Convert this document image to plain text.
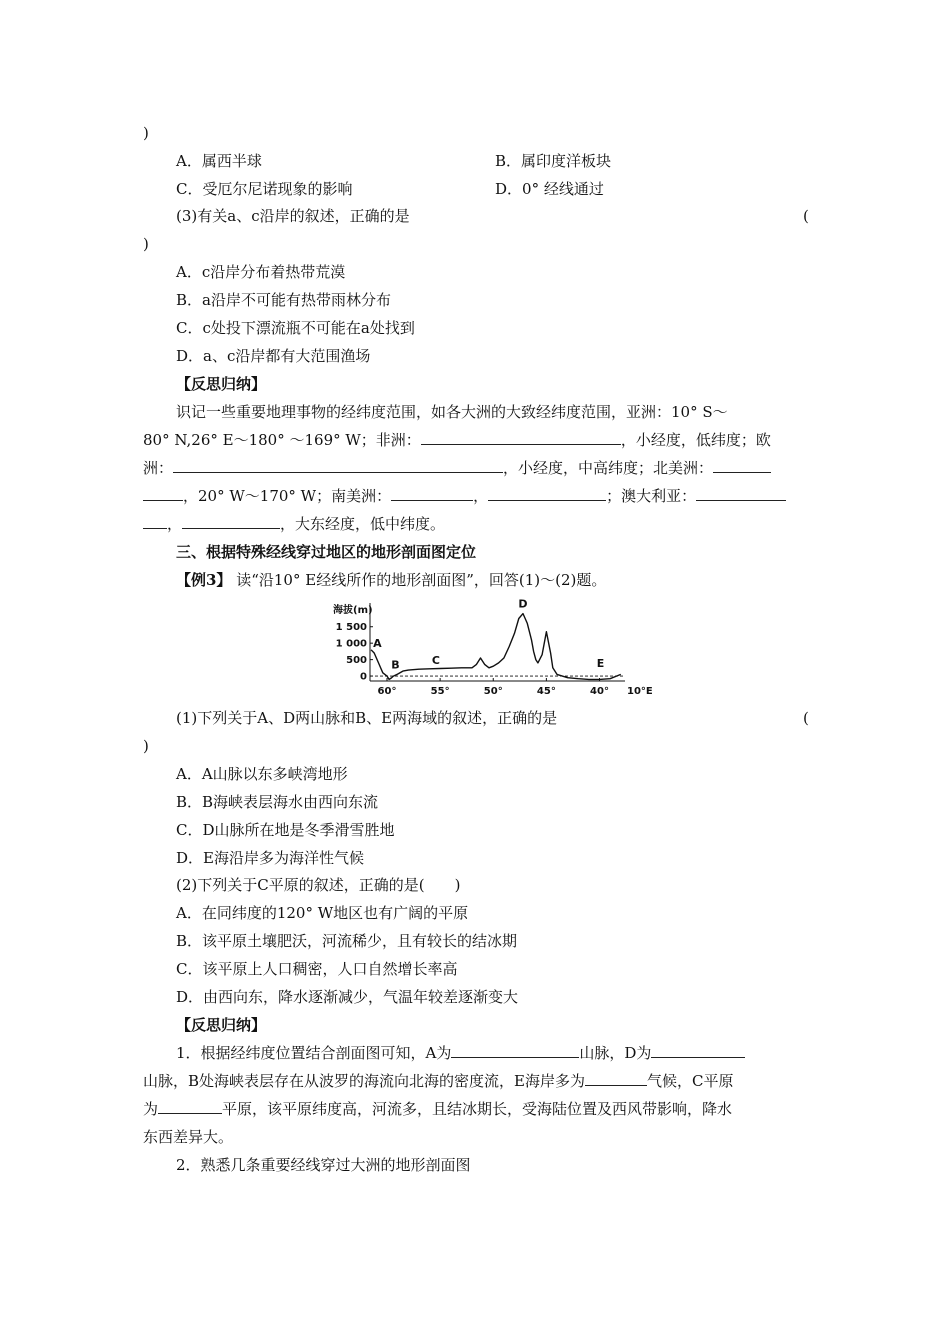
)
A．属西半球	B．属印度洋板块
C．受厄尔尼诺现象的影响	D．0° 经线通过
(3)有关a、c沿岸的叙述，正确的是	(
)
A．c沿岸分布着热带荒漠
B．a沿岸不可能有热带雨林分布
C．c处投下漂流瓶不可能在a处找到
D．a、c沿岸都有大范围渔场
【反思归纳】
识记一些重要地理事物的经纬度范围，如各大洲的大致经纬度范围，亚洲：10° S～
80° N,26° E～180° ～169° W；非洲：	，小经度，低纬度；欧
洲：	，小经度，中高纬度；北美洲：
，20° W～170° W；南美洲：	，	；澳大利亚：
，	，大东经度，低中纬度。
三、根据特殊经线穿过地区的地形剖面图定位
【例3】 读“沿10° E经线所作的地形剖面图”，回答(1)～(2)题。
海拔(m)
1 500
1 000
500
0
60°	55°	50°	45°	40° 10°E
A
B	C
D
E
(1)下列关于A、D两山脉和B、E两海域的叙述，正确的是	(
)
A．A山脉以东多峡湾地形
B．B海峡表层海水由西向东流
C．D山脉所在地是冬季滑雪胜地
D．E海沿岸多为海洋性气候
(2)下列关于C平原的叙述，正确的是(　　)
A．在同纬度的120° W地区也有广阔的平原
B．该平原土壤肥沃，河流稀少，且有较长的结冰期
C．该平原上人口稠密，人口自然增长率高
D．由西向东，降水逐渐减少，气温年较差逐渐变大
【反思归纳】
1．根据经纬度位置结合剖面图可知，A为	山脉，D为
山脉，B处海峡表层存在从波罗的海流向北海的密度流，E海岸多为	气候，C平原
为	平原，该平原纬度高，河流多，且结冰期长，受海陆位置及西风带影响，降水
东西差异大。
2．熟悉几条重要经线穿过大洲的地形剖面图
